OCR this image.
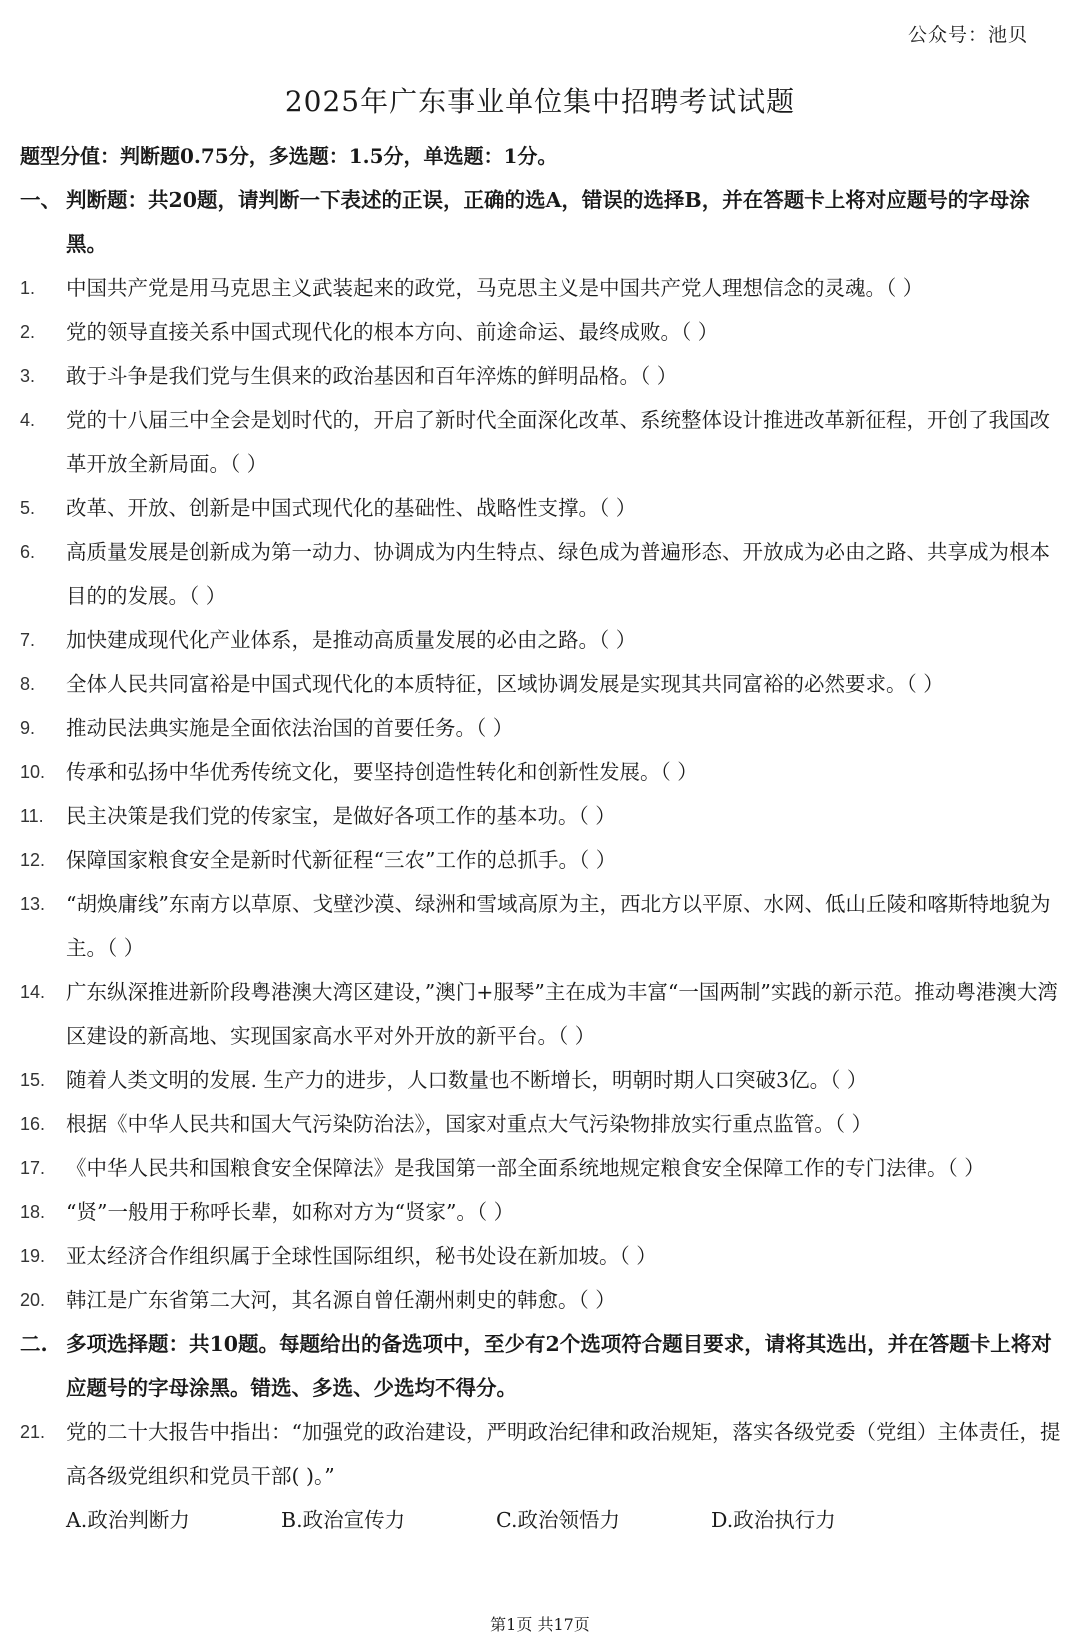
公众号：池贝
2025年广东事业单位集中招聘考试试题
题型分值：判断题0.75分，多选题：1.5分，单选题：1分。
一、 判断题：共20题，请判断一下表述的正误，正确的选A，错误的选择B，并在答题卡上将对应题号的字母涂黑。
1.	中国共产党是用马克思主义武装起来的政党，马克思主义是中国共产党人理想信念的灵魂。（ ）
2.	党的领导直接关系中国式现代化的根本方向、前途命运、最终成败。（ ）
3.	敢于斗争是我们党与生俱来的政治基因和百年淬炼的鲜明品格。（ ）
4.	党的十八届三中全会是划时代的，开启了新时代全面深化改革、系统整体设计推进改革新征程，开创了我国改革开放全新局面。（ ）
5.	改革、开放、创新是中国式现代化的基础性、战略性支撑。（ ）
6.	高质量发展是创新成为第一动力、协调成为内生特点、绿色成为普遍形态、开放成为必由之路、共享成为根本目的的发展。（ ）
7.	加快建成现代化产业体系，是推动高质量发展的必由之路。（ ）
8.	全体人民共同富裕是中国式现代化的本质特征，区域协调发展是实现其共同富裕的必然要求。（ ）
9.	推动民法典实施是全面依法治国的首要任务。（ ）
10.	传承和弘扬中华优秀传统文化，要坚持创造性转化和创新性发展。（ ）
11.	民主决策是我们党的传家宝，是做好各项工作的基本功。（ ）
12.	保障国家粮食安全是新时代新征程“三农”工作的总抓手。（ ）
13.	“胡焕庸线”东南方以草原、戈壁沙漠、绿洲和雪域高原为主，西北方以平原、水网、低山丘陵和喀斯特地貌为主。（ ）
14.	广东纵深推进新阶段粤港澳大湾区建设，”澳门+服琴”主在成为丰富“一国两制”实践的新示范。推动粤港澳大湾区建设的新高地、实现国家高水平对外开放的新平台。（ ）
15.	随着人类文明的发展. 生产力的进步，人口数量也不断增长，明朝时期人口突破3亿。（ ）
16.	根据《中华人民共和国大气污染防治法》，国家对重点大气污染物排放实行重点监管。（ ）
17.	《中华人民共和国粮食安全保障法》是我国第一部全面系统地规定粮食安全保障工作的专门法律。（ ）
18.	“贤”一般用于称呼长辈，如称对方为“贤家”。（ ）
19.	亚太经济合作组织属于全球性国际组织，秘书处设在新加坡。（ ）
20.	韩江是广东省第二大河，其名源自曾任潮州刺史的韩愈。（ ）
二. 多项选择题：共10题。每题给出的备选项中，至少有2个选项符合题目要求，请将其选出，并在答题卡上将对应题号的字母涂黑。错选、多选、少选均不得分。
21.	党的二十大报告中指出：“加强党的政治建设，严明政治纪律和政治规矩，落实各级党委（党组）主体责任，提高各级党组织和党员干部( )。”
A.政治判断力	B.政治宣传力	C.政治领悟力	D.政治执行力
第1页 共17页
